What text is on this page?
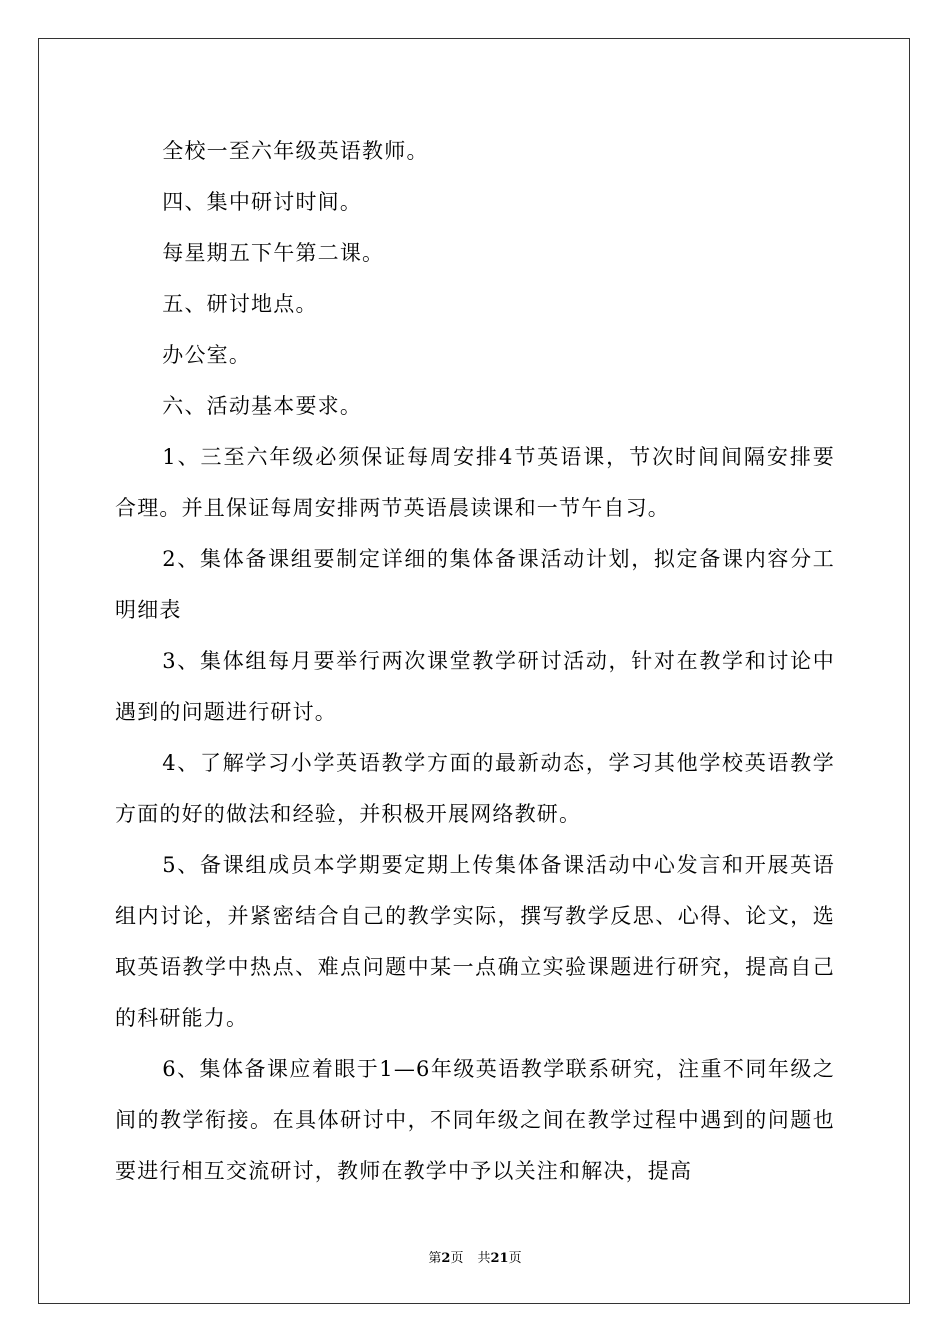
全校一至六年级英语教师。

四、集中研讨时间。

每星期五下午第二课。

五、研讨地点。

办公室。

六、活动基本要求。

1、三至六年级必须保证每周安排4节英语课，节次时间间隔安排要合理。并且保证每周安排两节英语晨读课和一节午自习。

2、集体备课组要制定详细的集体备课活动计划，拟定备课内容分工明细表

3、集体组每月要举行两次课堂教学研讨活动，针对在教学和讨论中遇到的问题进行研讨。

4、了解学习小学英语教学方面的最新动态，学习其他学校英语教学方面的好的做法和经验，并积极开展网络教研。

5、备课组成员本学期要定期上传集体备课活动中心发言和开展英语组内讨论，并紧密结合自己的教学实际，撰写教学反思、心得、论文，选取英语教学中热点、难点问题中某一点确立实验课题进行研究，提高自己的科研能力。

6、集体备课应着眼于1—6年级英语教学联系研究，注重不同年级之间的教学衔接。在具体研讨中，不同年级之间在教学过程中遇到的问题也要进行相互交流研讨，教师在教学中予以关注和解决，提高

第2页 共21页
